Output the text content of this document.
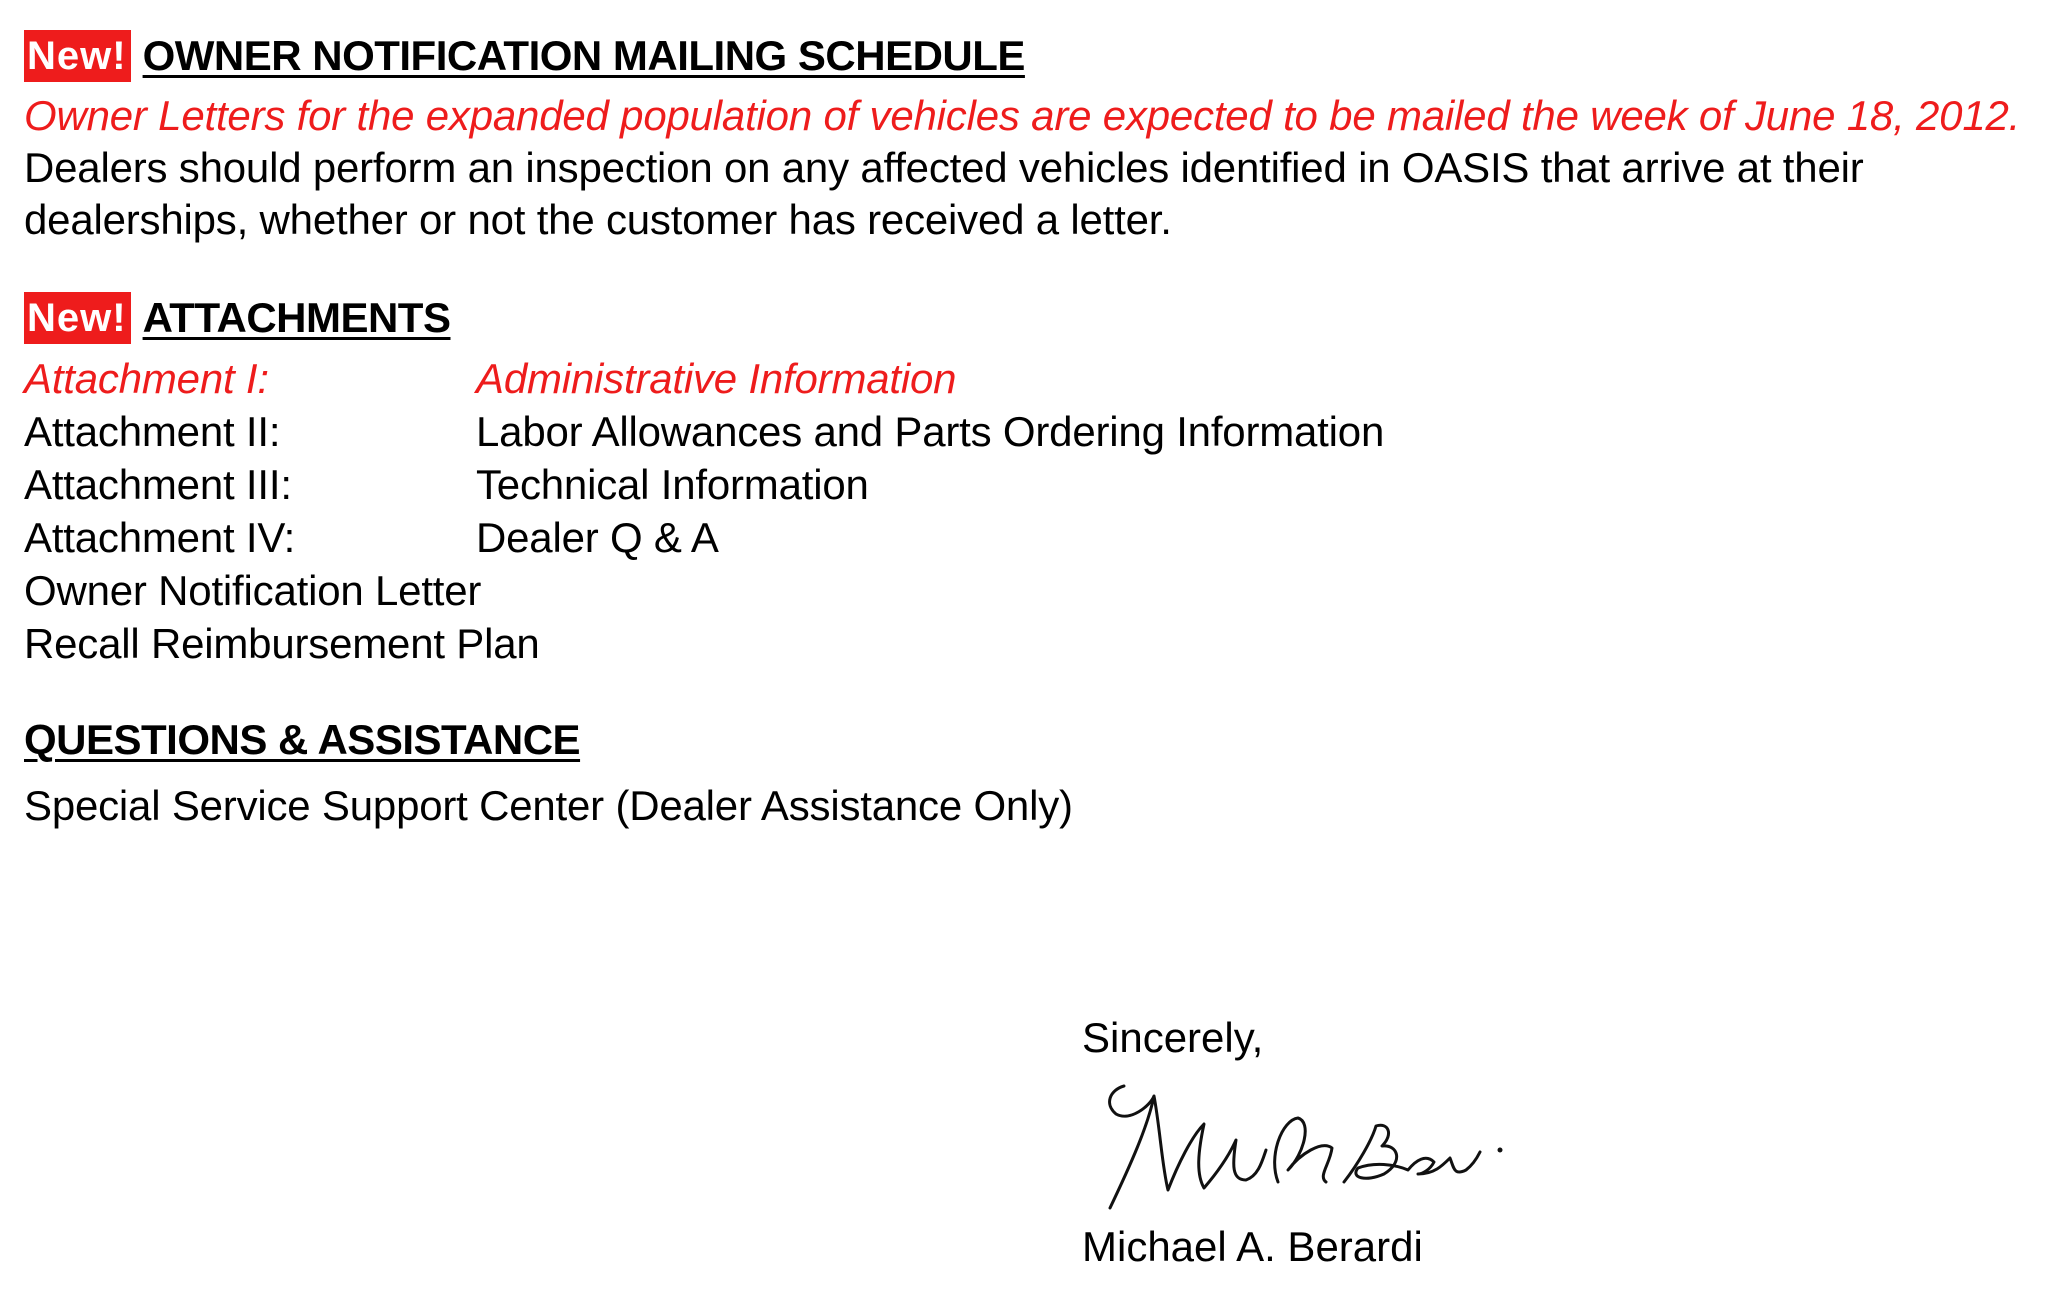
New! OWNER NOTIFICATION MAILING SCHEDULE
Owner Letters for the expanded population of vehicles are expected to be mailed the week of June 18, 2012.  Dealers should perform an inspection on any affected vehicles identified in OASIS that arrive at their dealerships, whether or not the customer has received a letter.
New! ATTACHMENTS
Attachment I:	Administrative Information
Attachment II:	Labor Allowances and Parts Ordering Information
Attachment III:	Technical Information
Attachment IV:	Dealer Q & A
Owner Notification Letter
Recall Reimbursement Plan
QUESTIONS & ASSISTANCE
Special Service Support Center (Dealer Assistance Only)
Sincerely,
Michael A. Berardi
